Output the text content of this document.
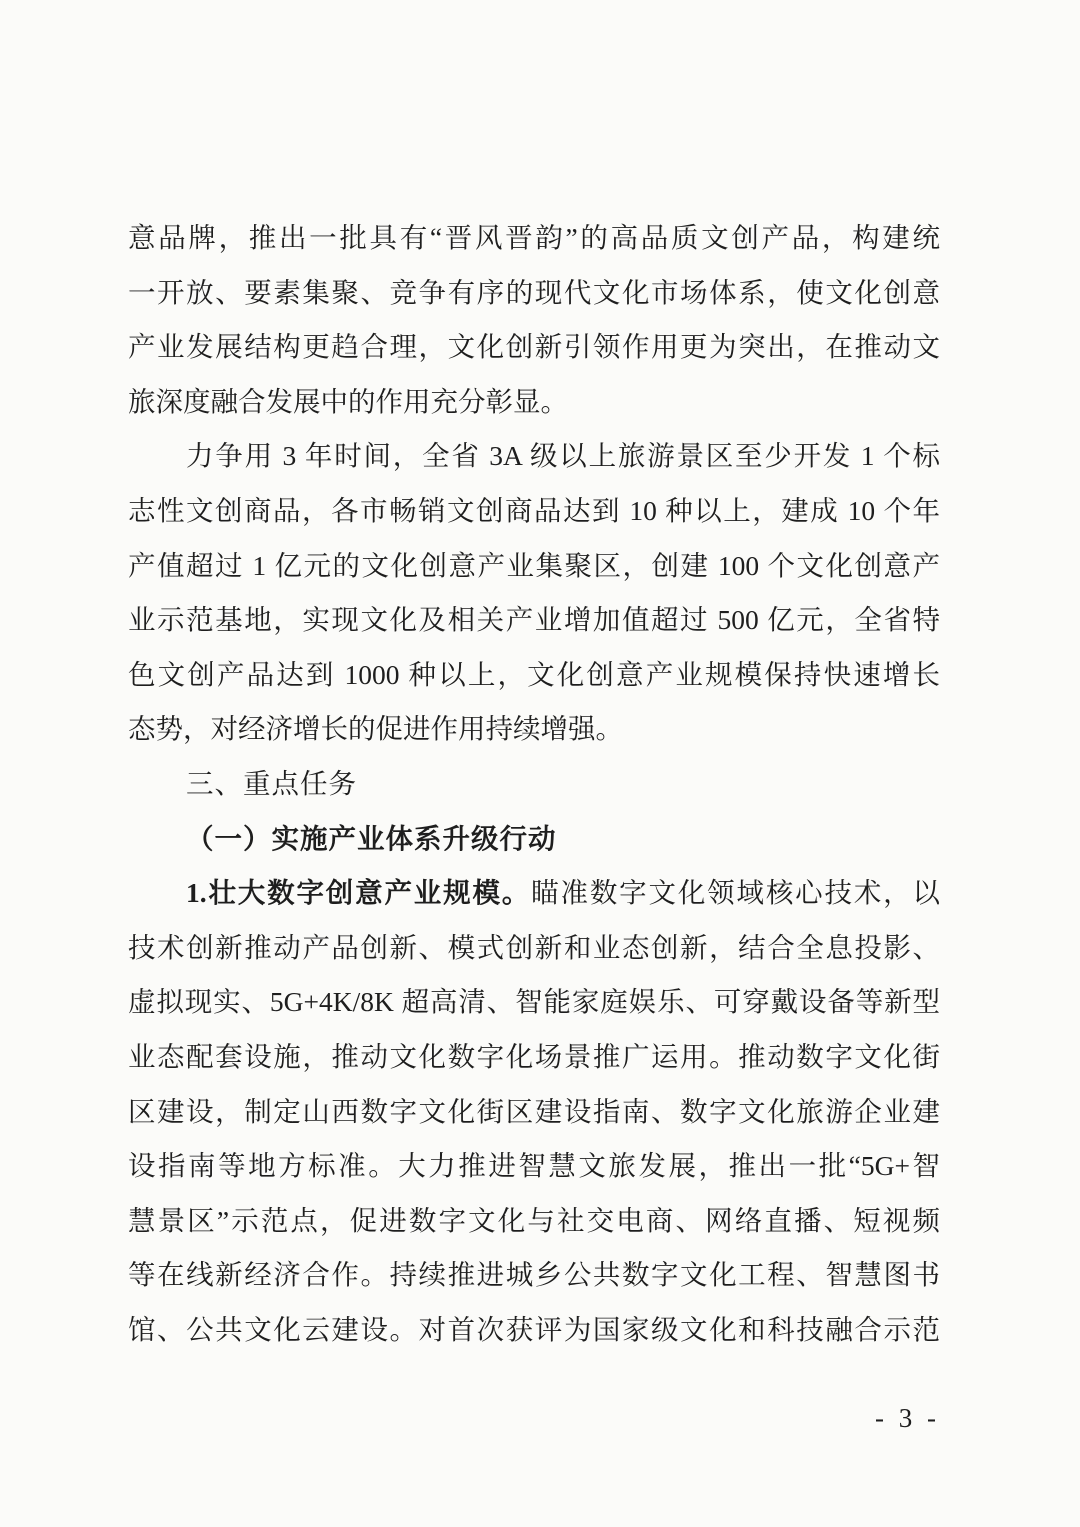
意品牌，推出一批具有“晋风晋韵”的高品质文创产品，构建统
一开放、要素集聚、竞争有序的现代文化市场体系，使文化创意
产业发展结构更趋合理，文化创新引领作用更为突出，在推动文
旅深度融合发展中的作用充分彰显。
力争用 3 年时间，全省 3A 级以上旅游景区至少开发 1 个标
志性文创商品，各市畅销文创商品达到 10 种以上，建成 10 个年
产值超过 1 亿元的文化创意产业集聚区，创建 100 个文化创意产
业示范基地，实现文化及相关产业增加值超过 500 亿元，全省特
色文创产品达到 1000 种以上，文化创意产业规模保持快速增长
态势，对经济增长的促进作用持续增强。
三、重点任务
（一）实施产业体系升级行动
1.壮大数字创意产业规模。瞄准数字文化领域核心技术，以
技术创新推动产品创新、模式创新和业态创新，结合全息投影、
虚拟现实、5G+4K/8K 超高清、智能家庭娱乐、可穿戴设备等新型
业态配套设施，推动文化数字化场景推广运用。推动数字文化街
区建设，制定山西数字文化街区建设指南、数字文化旅游企业建
设指南等地方标准。大力推进智慧文旅发展，推出一批“5G+智
慧景区”示范点，促进数字文化与社交电商、网络直播、短视频
等在线新经济合作。持续推进城乡公共数字文化工程、智慧图书
馆、公共文化云建设。对首次获评为国家级文化和科技融合示范
- 3 -
